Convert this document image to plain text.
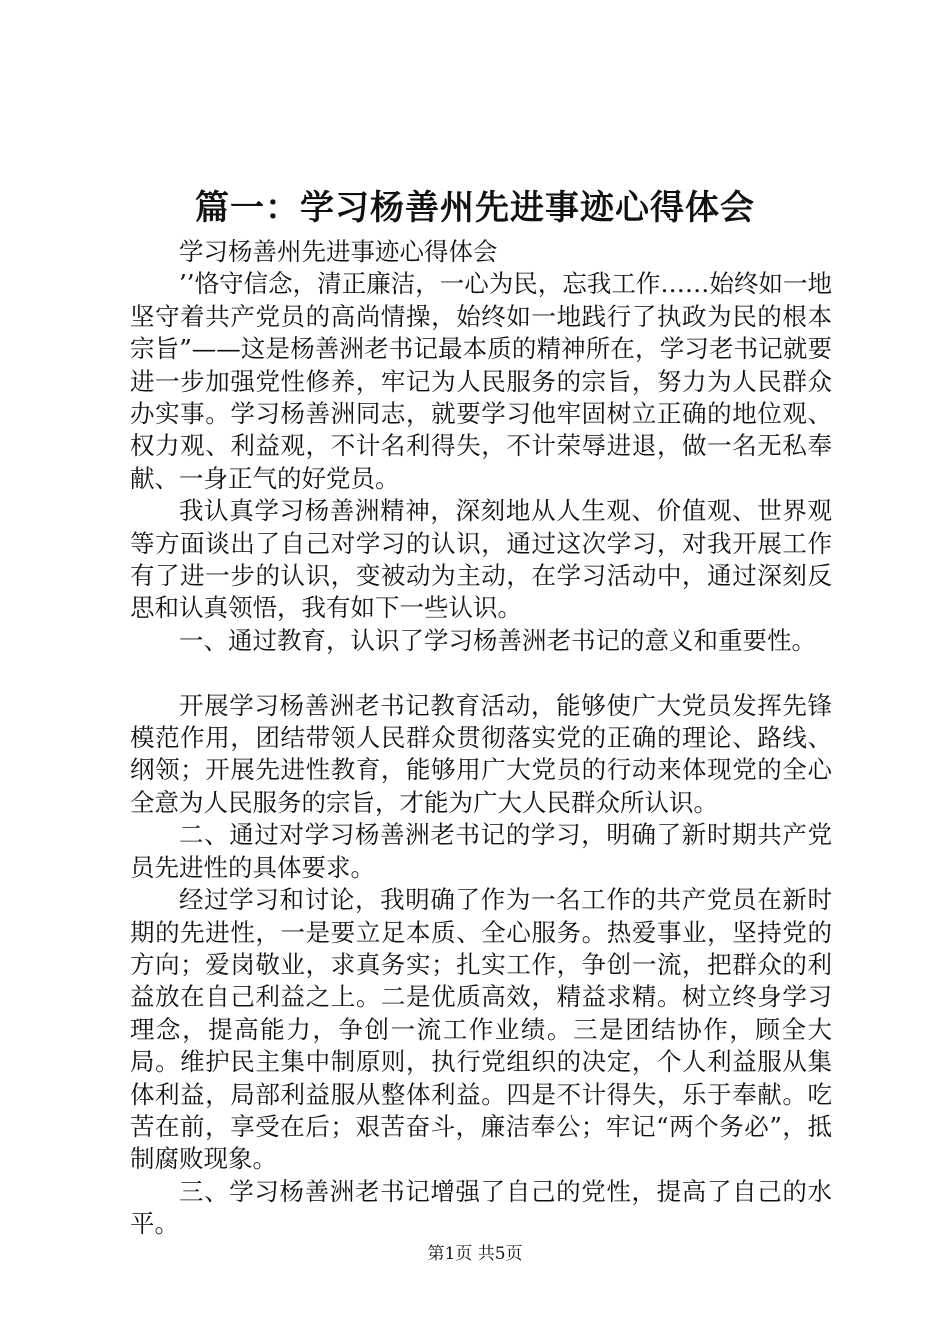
篇一：学习杨善州先进事迹心得体会

学习杨善州先进事迹心得体会

’’恪守信念，清正廉洁，一心为民，忘我工作……始终如一地坚守着共产党员的高尚情操，始终如一地践行了执政为民的根本宗旨”——这是杨善洲老书记最本质的精神所在，学习老书记就要进一步加强党性修养，牢记为人民服务的宗旨，努力为人民群众办实事。学习杨善洲同志，就要学习他牢固树立正确的地位观、权力观、利益观，不计名利得失，不计荣辱进退，做一名无私奉献、一身正气的好党员。

我认真学习杨善洲精神，深刻地从人生观、价值观、世界观等方面谈出了自己对学习的认识，通过这次学习，对我开展工作有了进一步的认识，变被动为主动，在学习活动中，通过深刻反思和认真领悟，我有如下一些认识。

一、通过教育，认识了学习杨善洲老书记的意义和重要性。

开展学习杨善洲老书记教育活动，能够使广大党员发挥先锋模范作用，团结带领人民群众贯彻落实党的正确的理论、路线、纲领；开展先进性教育，能够用广大党员的行动来体现党的全心全意为人民服务的宗旨，才能为广大人民群众所认识。

二、通过对学习杨善洲老书记的学习，明确了新时期共产党员先进性的具体要求。

经过学习和讨论，我明确了作为一名工作的共产党员在新时期的先进性，一是要立足本质、全心服务。热爱事业，坚持党的方向；爱岗敬业，求真务实；扎实工作，争创一流，把群众的利益放在自己利益之上。二是优质高效，精益求精。树立终身学习理念，提高能力，争创一流工作业绩。三是团结协作，顾全大局。维护民主集中制原则，执行党组织的决定，个人利益服从集体利益，局部利益服从整体利益。四是不计得失，乐于奉献。吃苦在前，享受在后；艰苦奋斗，廉洁奉公；牢记“两个务必”，抵制腐败现象。

三、学习杨善洲老书记增强了自己的党性，提高了自己的水平。

第1页 共5页
